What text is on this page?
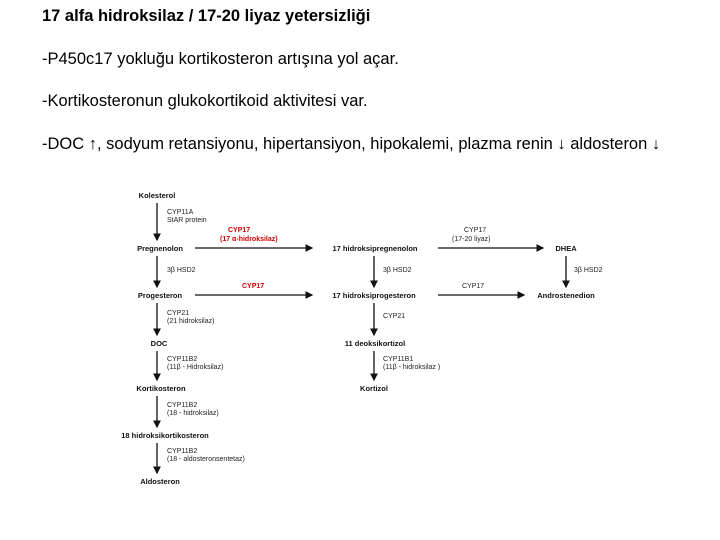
17 alfa hidroksilaz / 17-20 liyaz yetersizliği
-P450c17 yokluğu kortikosteron artışına yol açar.
-Kortikosteronun glukokortikoid aktivitesi var.
-DOC ↑, sodyum retansiyonu, hipertansiyon, hipokalemi, plazma renin ↓ aldosteron ↓
Kolesterol
Pregnenolon	17 hidroksipregnenolon	DHEA
Progesteron	17 hidroksiprogesteron	Androstenedion
DOC	11 deoksikortizol
Kortikosteron	Kortizol
18 hidroksikortikosteron
Aldosteron
CYP11A
StAR protein
CYP17
(17 α-hidroksilaz)
CYP17
(17-20 liyaz)
3β HSD2	3β HSD2	3β HSD2
CYP17	CYP17
CYP21
(21 hidroksilaz)
CYP21
CYP11B2
(11β - Hidroksilaz)
CYP11B1
(11β - hidroksilaz )
CYP11B2
(18 - hidroksilaz)
CYP11B2
(18 - aldosteronsentetaz)
